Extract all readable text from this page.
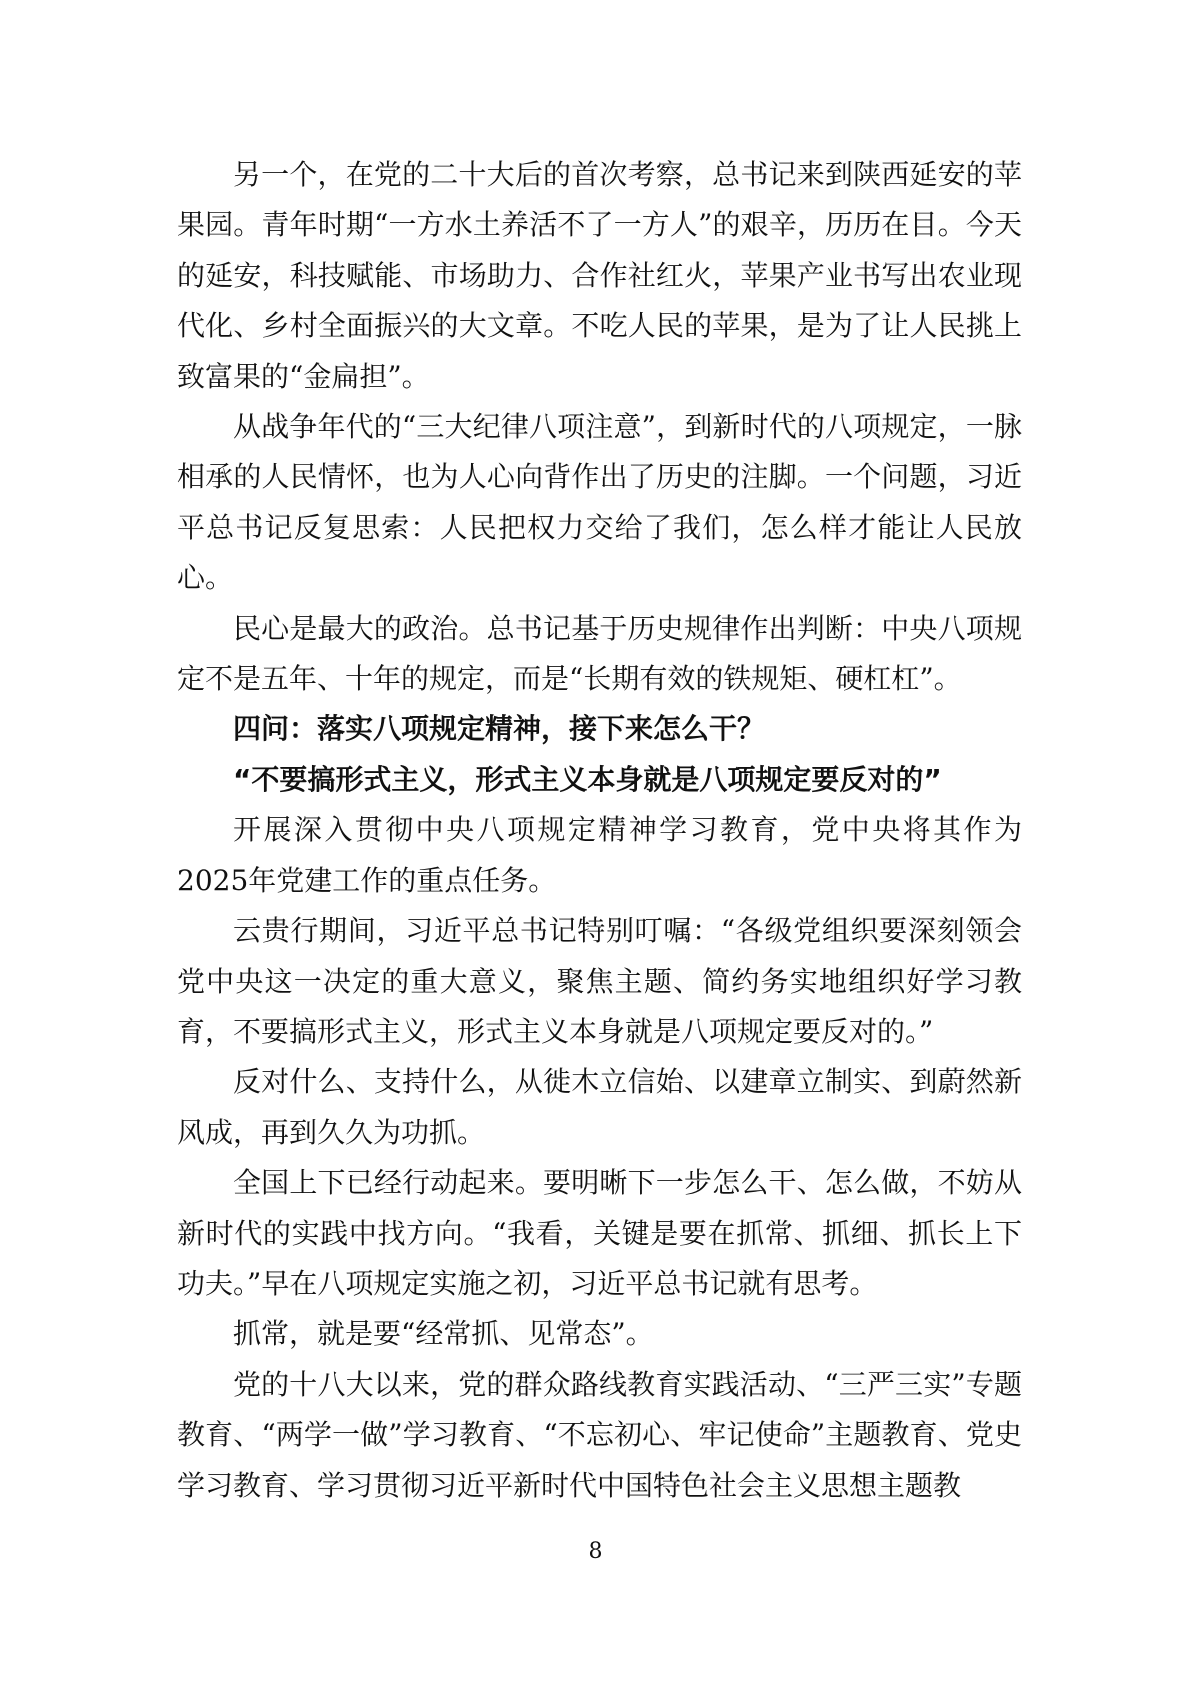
另一个，在党的二十大后的首次考察，总书记来到陕西延安的苹果园。青年时期“一方水土养活不了一方人”的艰辛，历历在目。今天的延安，科技赋能、市场助力、合作社红火，苹果产业书写出农业现代化、乡村全面振兴的大文章。不吃人民的苹果，是为了让人民挑上致富果的“金扁担”。

从战争年代的“三大纪律八项注意”，到新时代的八项规定，一脉相承的人民情怀，也为人心向背作出了历史的注脚。一个问题，习近平总书记反复思索：人民把权力交给了我们，怎么样才能让人民放心。

民心是最大的政治。总书记基于历史规律作出判断：中央八项规定不是五年、十年的规定，而是“长期有效的铁规矩、硬杠杠”。

四问：落实八项规定精神，接下来怎么干？

“不要搞形式主义，形式主义本身就是八项规定要反对的”

开展深入贯彻中央八项规定精神学习教育，党中央将其作为2025年党建工作的重点任务。

云贵行期间，习近平总书记特别叮嘱：“各级党组织要深刻领会党中央这一决定的重大意义，聚焦主题、简约务实地组织好学习教育，不要搞形式主义，形式主义本身就是八项规定要反对的。”

反对什么、支持什么，从徙木立信始、以建章立制实、到蔚然新风成，再到久久为功抓。

全国上下已经行动起来。要明晰下一步怎么干、怎么做，不妨从新时代的实践中找方向。“我看，关键是要在抓常、抓细、抓长上下功夫。”早在八项规定实施之初，习近平总书记就有思考。

抓常，就是要“经常抓、见常态”。

党的十八大以来，党的群众路线教育实践活动、“三严三实”专题教育、“两学一做”学习教育、“不忘初心、牢记使命”主题教育、党史学习教育、学习贯彻习近平新时代中国特色社会主义思想主题教

8
